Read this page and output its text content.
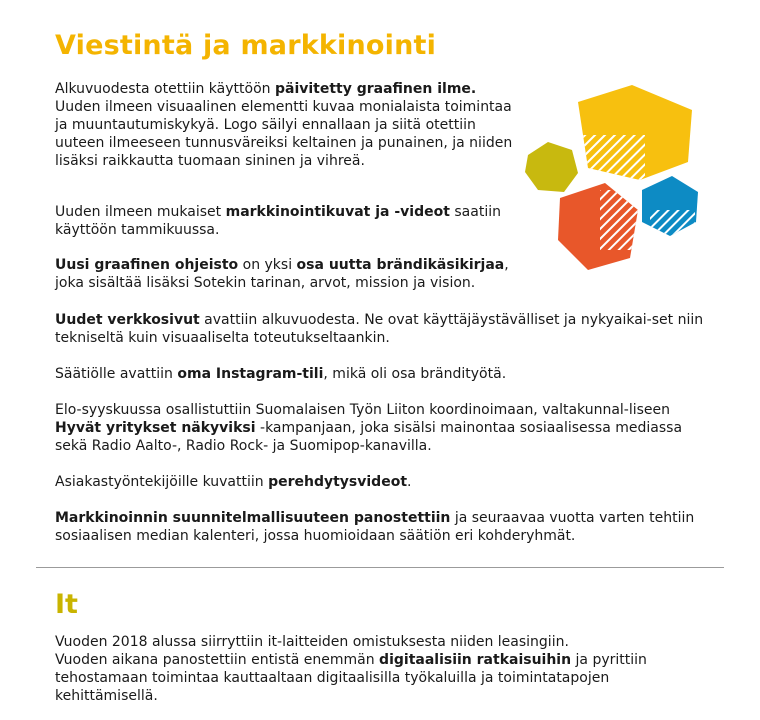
Viestintä ja markkinointi

Alkuvuodesta otettiin käyttöön päivitetty graafinen ilme. Uuden ilmeen visuaalinen elementti kuvaa monialaista toimintaa ja muuntautumiskykyä. Logo säilyi ennallaan ja siitä otettiin uuteen ilmeeseen tunnusväreiksi keltainen ja punainen, ja niiden lisäksi raikkautta tuomaan sininen ja vihreä.

Uuden ilmeen mukaiset markkinointikuvat ja -videot saatiin käyttöön tammikuussa.

Uusi graafinen ohjeisto on yksi osa uutta brändikäsikirjaa, joka sisältää lisäksi Sotekin tarinan, arvot, mission ja vision.

Uudet verkkosivut avattiin alkuvuodesta. Ne ovat käyttäjäystävälliset ja nykyaikai-set niin tekniseltä kuin visuaaliselta toteutukseltaankin.

Säätiölle avattiin oma Instagram-tili, mikä oli osa brändityötä.

Elo-syyskuussa osallistuttiin Suomalaisen Työn Liiton koordinoimaan, valtakunnal-liseen Hyvät yritykset näkyviksi -kampanjaan, joka sisälsi mainontaa sosiaalisessa mediassa sekä Radio Aalto-, Radio Rock- ja Suomipop-kanavilla.

Asiakastyöntekijöille kuvattiin perehdytysvideot.

Markkinoinnin suunnitelmallisuuteen panostettiin ja seuraavaa vuotta varten tehtiin sosiaalisen median kalenteri, jossa huomioidaan säätiön eri kohderyhmät.

It

Vuoden 2018 alussa siirryttiin it-laitteiden omistuksesta niiden leasingiin.
Vuoden aikana panostettiin entistä enemmän digitaalisiin ratkaisuihin ja pyrittiin tehostamaan toimintaa kauttaaltaan digitaalisilla työkaluilla ja toimintatapojen kehittämisellä.
